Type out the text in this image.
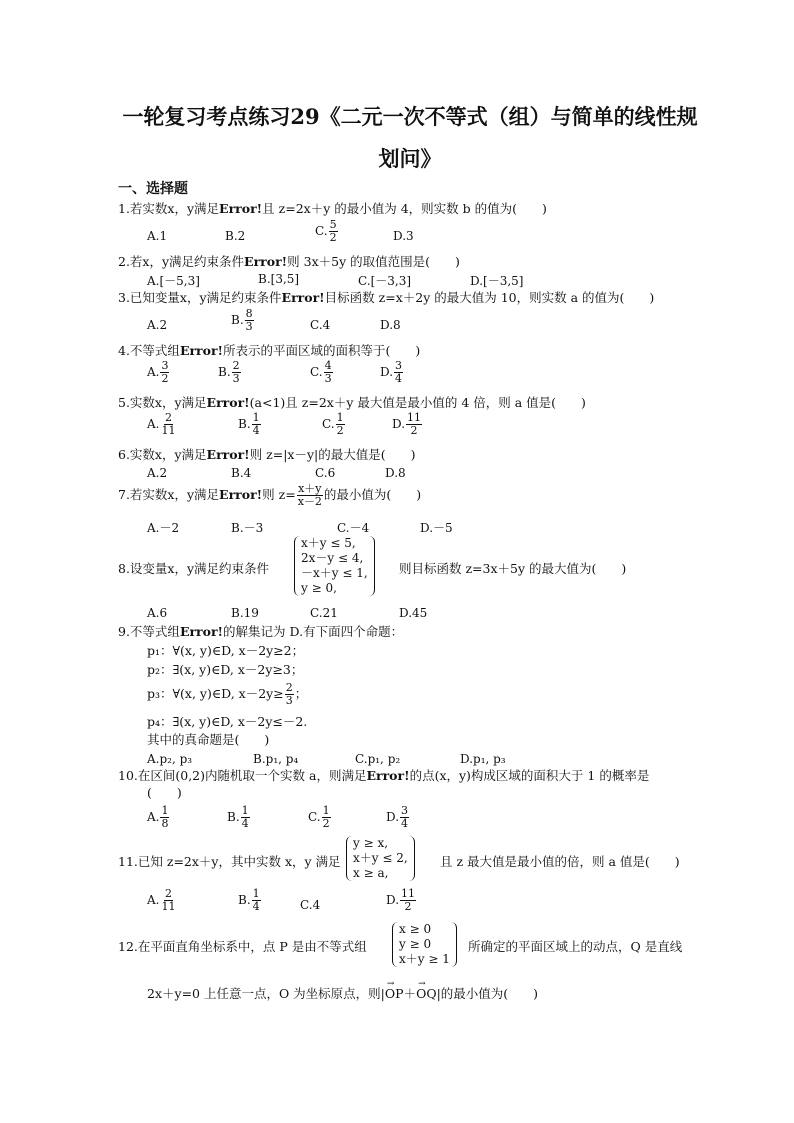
一轮复习考点练习29《二元一次不等式（组）与简单的线性规
划问》
一、选择题
1.若实数x，y满足Error!且 z=2x＋y 的最小值为 4，则实数 b 的值为(　　)
A.1	B.2	C. $\frac{5}{2}$	D.3
2.若x，y满足约束条件Error!则 3x＋5y 的取值范围是(　　)
A.[－5,3]	B.[3,5]	C.[－3,3]	D.[－3,5]
3.已知变量x，y满足约束条件Error!目标函数 z=x＋2y 的最大值为 10，则实数 a 的值为(　　)
A.2	B. $\frac{8}{3}$	C.4	D.8
4.不等式组Error!所表示的平面区域的面积等于(　　)
A. $\frac{3}{2}$	B. $\frac{2}{3}$	C. $\frac{4}{3}$	D. $\frac{3}{4}$
5.实数x，y满足Error!(a<1)且 z=2x＋y 最大值是最小值的 4 倍，则 a 值是(　　)
A. $\frac{2}{11}$	B. $\frac{1}{4}$	C. $\frac{1}{2}$	D. $\frac{11}{2}$
6.实数x，y满足Error!则 z=|x－y|的最大值是(　　)
A.2	B.4	C.6	D.8
7.若实数x，y满足Error!则 $z= \frac{x+y}{x-2}$ 的最小值为(　　)
A.－2	B.－3	C.－4	D.－5
8.设变量x，y满足约束条件
x＋y ≤ 5,
2x－y ≤ 4,
－x＋y ≤ 1,
y ≥ 0,
则目标函数 z=3x＋5y 的最大值为(　　)
A.6	B.19	C.21	D.45
9.不等式组Error!的解集记为 D.有下面四个命题：
p₁：∀(x, y)∈D, x－2y≥2；
p₂：∃(x, y)∈D, x－2y≥3；
p₃：∀(x, y)∈D, $x-2y\ge \frac{2}{3}$ ；
p₄：∃(x, y)∈D, x－2y≤－2.
其中的真命题是(　　)
A.p₂, p₃	B.p₁, p₄	C.p₁, p₂	D.p₁, p₃
10.在区间(0,2)内随机取一个实数 a，则满足Error!的点(x，y)构成区域的面积大于 1 的概率是
(　　)
A. $\frac{1}{8}$	B. $\frac{1}{4}$	C. $\frac{1}{2}$	D. $\frac{3}{4}$
11.已知 z=2x＋y，其中实数 x，y 满足
y ≥ x,
x＋y ≤ 2,
x ≥ a,
且 z 最大值是最小值的倍，则 a 值是(　　)
A. $\frac{2}{11}$	B. $\frac{1}{4}$	C.4	D. $\frac{11}{2}$
12.在平面直角坐标系中，点 P 是由不等式组
x ≥ 0
y ≥ 0
x＋y ≥ 1
所确定的平面区域上的动点，Q 是直线
2x＋y=0 上任意一点，O 为坐标原点，则|→ OP＋→ OQ|的最小值为(　　)
